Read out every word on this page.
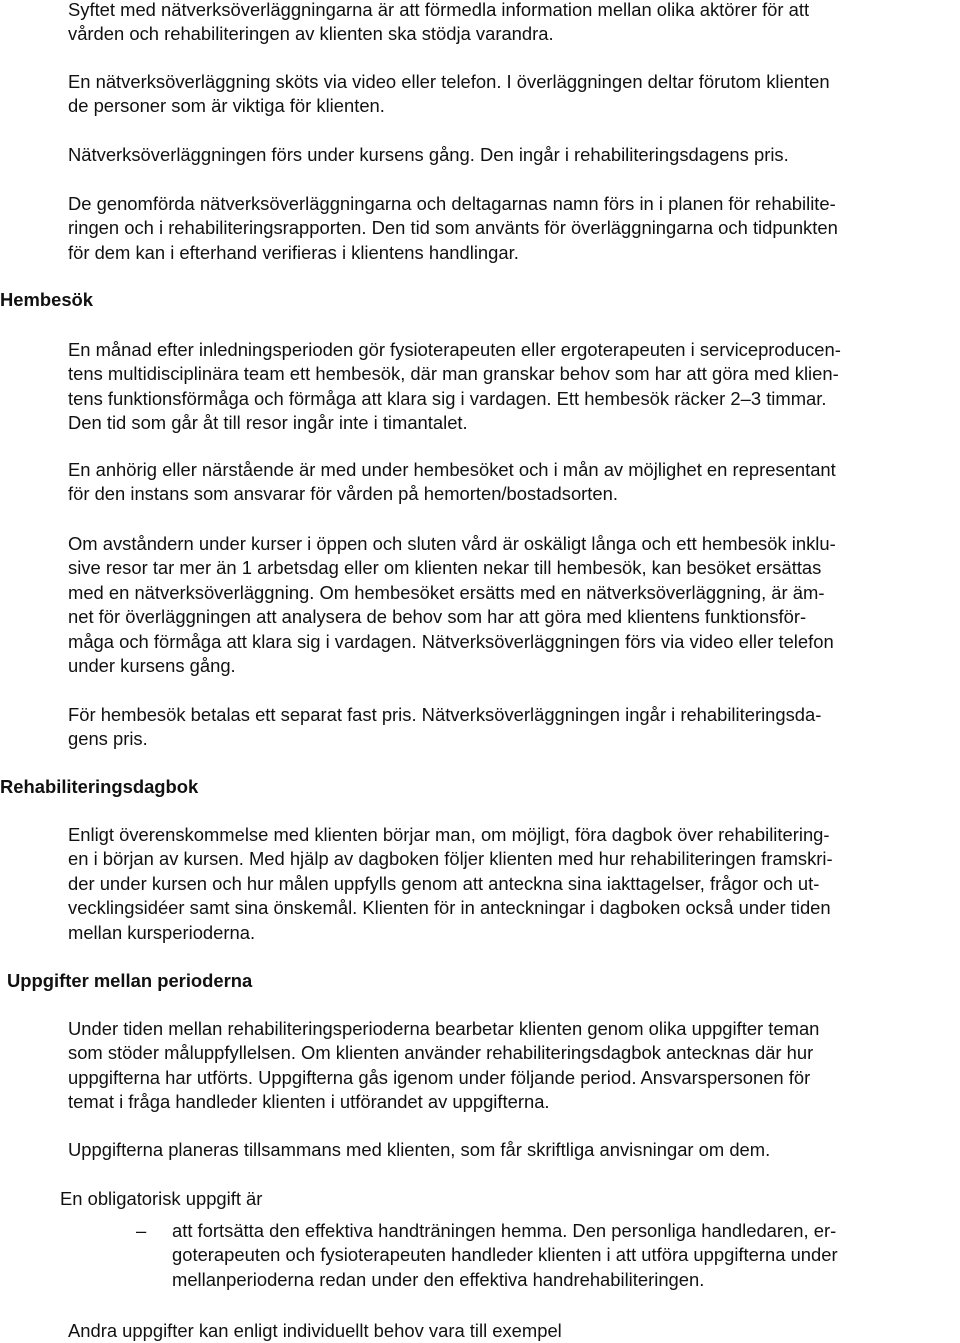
Syftet med nätverksöverläggningarna är att förmedla information mellan olika aktörer för att
vården och rehabiliteringen av klienten ska stödja varandra.

En nätverksöverläggning sköts via video eller telefon. I överläggningen deltar förutom klienten
de personer som är viktiga för klienten.

Nätverksöverläggningen förs under kursens gång. Den ingår i rehabiliteringsdagens pris.

De genomförda nätverksöverläggningarna och deltagarnas namn förs in i planen för rehabilite-
ringen och i rehabiliteringsrapporten. Den tid som använts för överläggningarna och tidpunkten
för dem kan i efterhand verifieras i klientens handlingar.

Hembesök

En månad efter inledningsperioden gör fysioterapeuten eller ergoterapeuten i serviceproducen-
tens multidisciplinära team ett hembesök, där man granskar behov som har att göra med klien-
tens funktionsförmåga och förmåga att klara sig i vardagen. Ett hembesök räcker 2–3 timmar.
Den tid som går åt till resor ingår inte i timantalet.

En anhörig eller närstående är med under hembesöket och i mån av möjlighet en representant
för den instans som ansvarar för vården på hemorten/bostadsorten.

Om avståndern under kurser i öppen och sluten vård är oskäligt långa och ett hembesök inklu-
sive resor tar mer än 1 arbetsdag eller om klienten nekar till hembesök, kan besöket ersättas
med en nätverksöverläggning. Om hembesöket ersätts med en nätverksöverläggning, är äm-
net för överläggningen att analysera de behov som har att göra med klientens funktionsför-
måga och förmåga att klara sig i vardagen. Nätverksöverläggningen förs via video eller telefon
under kursens gång.

För hembesök betalas ett separat fast pris. Nätverksöverläggningen ingår i rehabiliteringsda-
gens pris.

Rehabiliteringsdagbok

Enligt överenskommelse med klienten börjar man, om möjligt, föra dagbok över rehabilitering-
en i början av kursen. Med hjälp av dagboken följer klienten med hur rehabiliteringen framskri-
der under kursen och hur målen uppfylls genom att anteckna sina iakttagelser, frågor och ut-
vecklingsidéer samt sina önskemål. Klienten för in anteckningar i dagboken också under tiden
mellan kursperioderna.

Uppgifter mellan perioderna

Under tiden mellan rehabiliteringsperioderna bearbetar klienten genom olika uppgifter teman
som stöder måluppfyllelsen. Om klienten använder rehabiliteringsdagbok antecknas där hur
uppgifterna har utförts. Uppgifterna gås igenom under följande period. Ansvarspersonen för
temat i fråga handleder klienten i utförandet av uppgifterna.

Uppgifterna planeras tillsammans med klienten, som får skriftliga anvisningar om dem.

En obligatorisk uppgift är

–	att fortsätta den effektiva handträningen hemma. Den personliga handledaren, er-
goterapeuten och fysioterapeuten handleder klienten i att utföra uppgifterna under
mellanperioderna redan under den effektiva handrehabiliteringen.

Andra uppgifter kan enligt individuellt behov vara till exempel
